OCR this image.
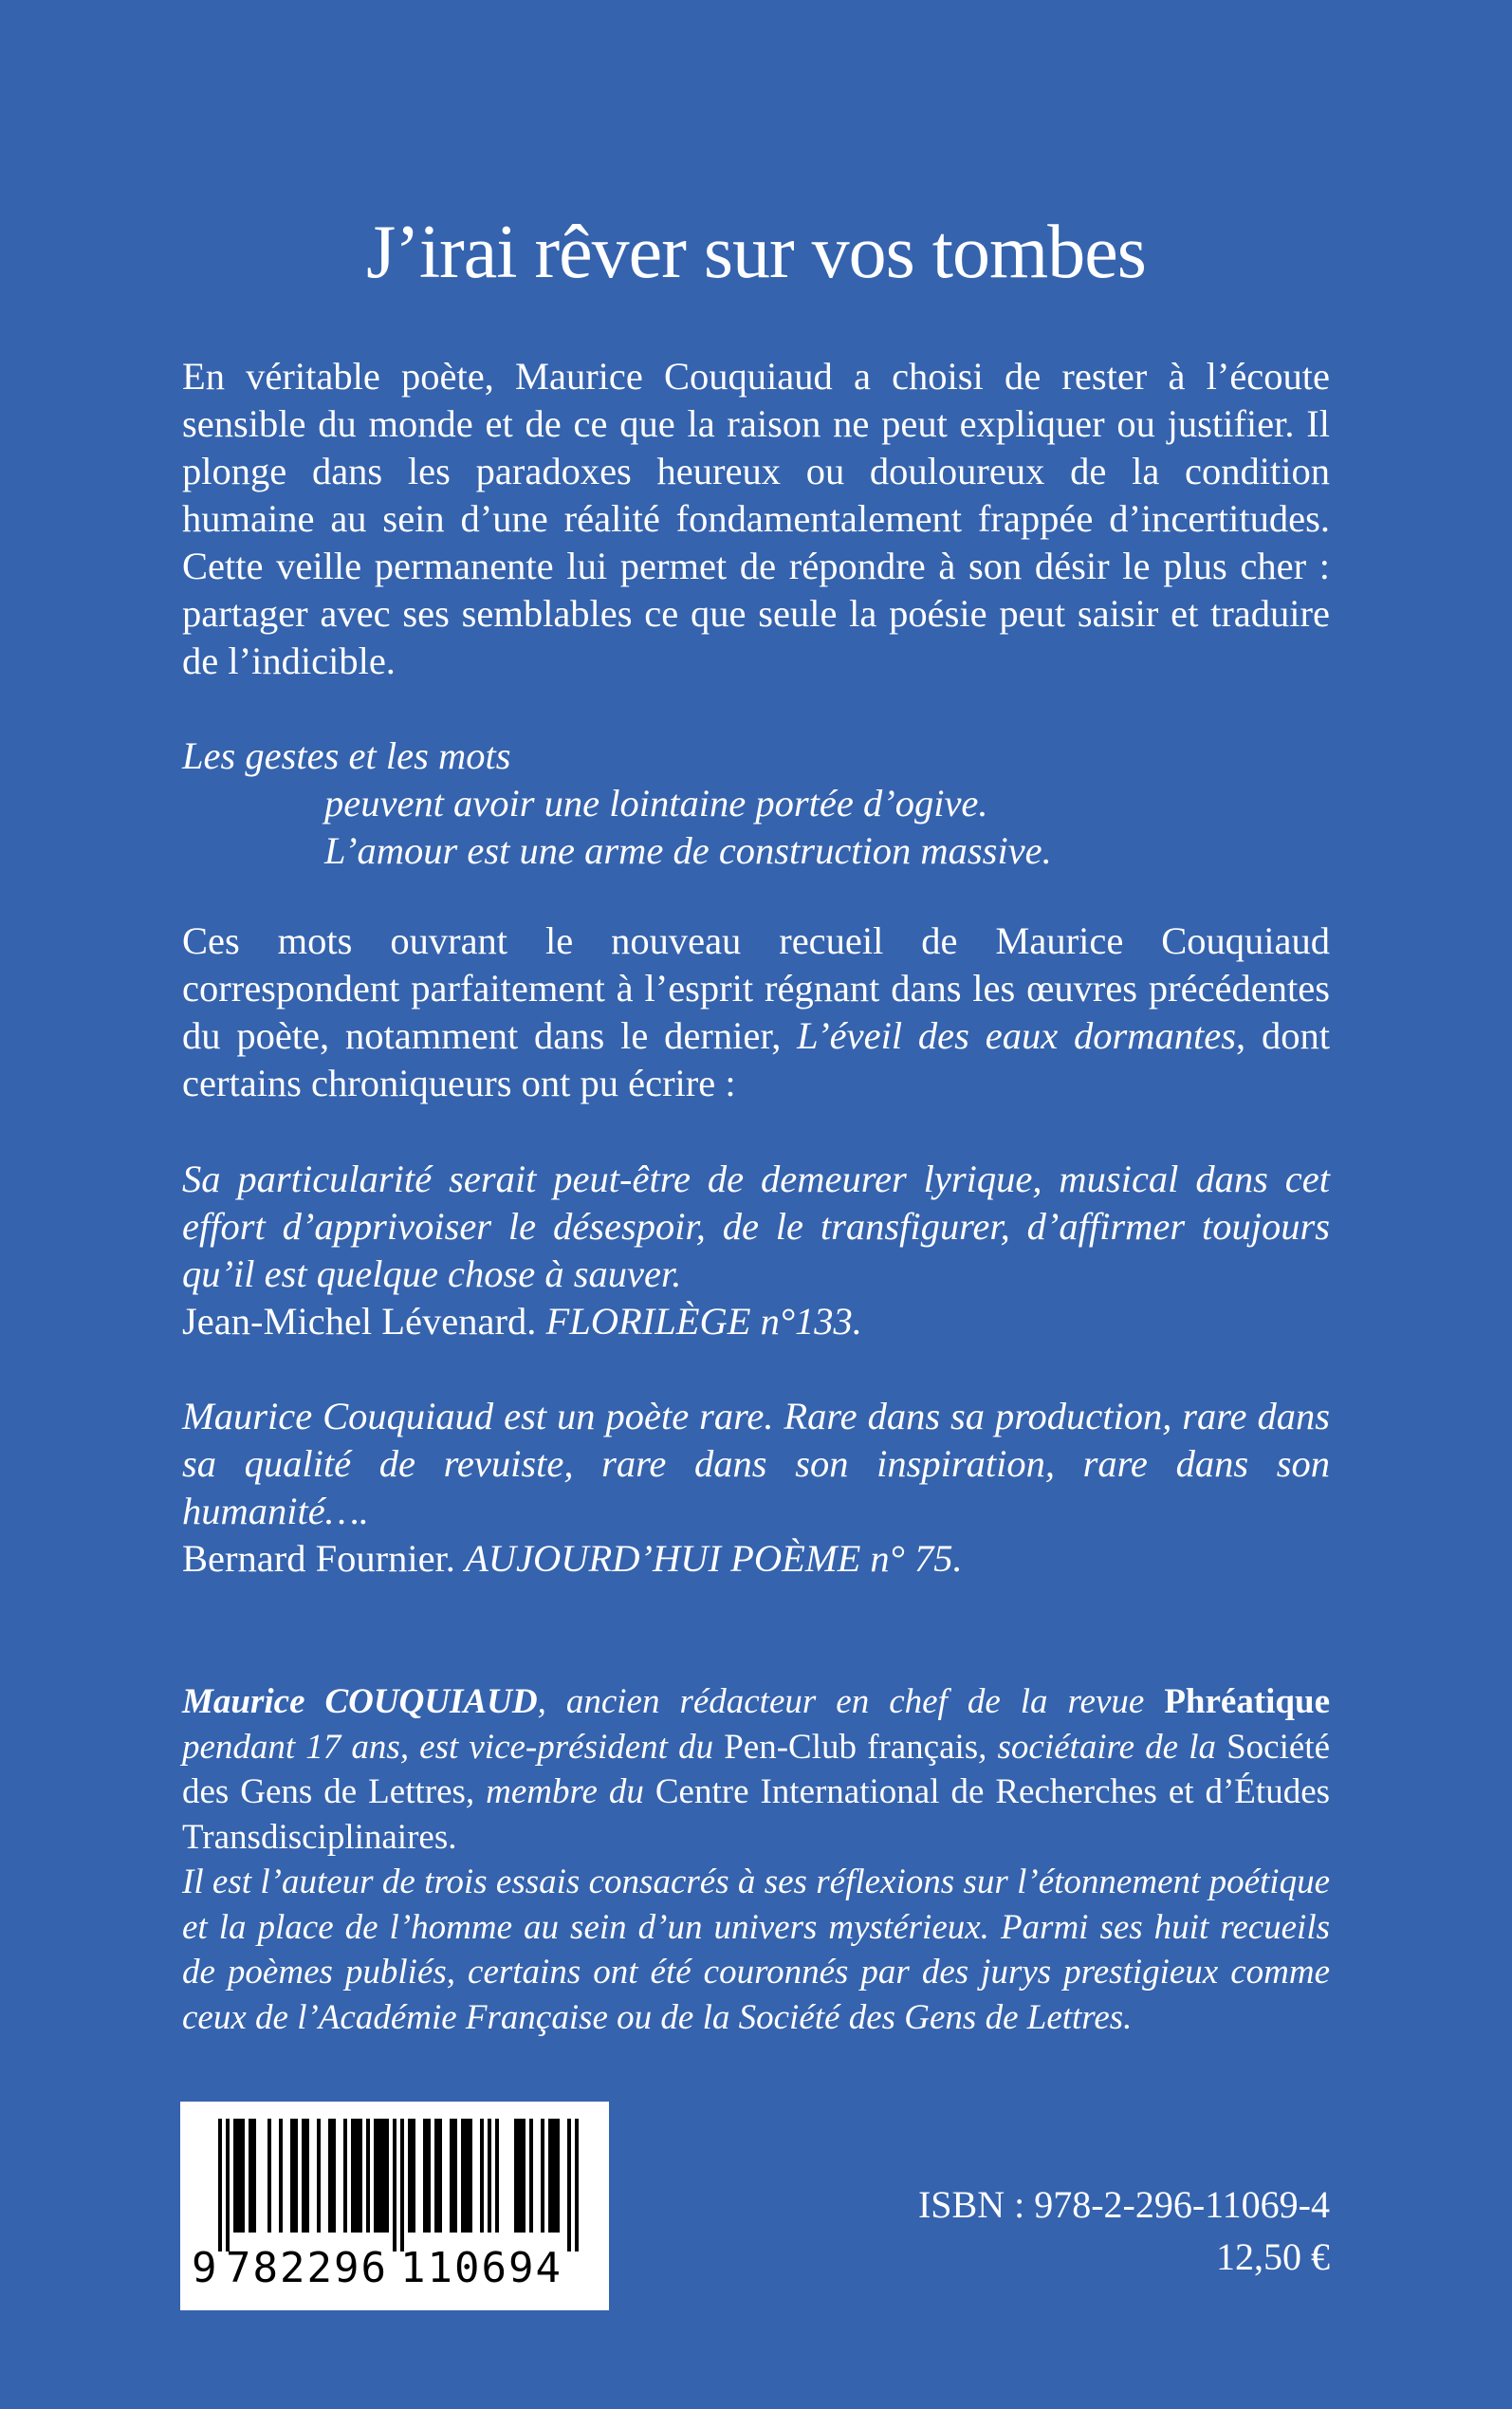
J’irai rêver sur vos tombes

En véritable poète, Maurice Couquiaud a choisi de rester à l’écoute sensible du monde et de ce que la raison ne peut expliquer ou justifier. Il plonge dans les paradoxes heureux ou douloureux de la condition humaine au sein d’une réalité fondamentalement frappée d’incertitudes. Cette veille permanente lui permet de répondre à son désir le plus cher : partager avec ses semblables ce que seule la poésie peut saisir et traduire de l’indicible.

Les gestes et les mots
peuvent avoir une lointaine portée d’ogive.
L’amour est une arme de construction massive.

Ces mots ouvrant le nouveau recueil de Maurice Couquiaud correspondent parfaitement à l’esprit régnant dans les œuvres précédentes du poète, notamment dans le dernier, L’éveil des eaux dormantes, dont certains chroniqueurs ont pu écrire :

Sa particularité serait peut-être de demeurer lyrique, musical dans cet effort d’apprivoiser le désespoir, de le transfigurer, d’affirmer toujours qu’il est quelque chose à sauver.

Jean-Michel Lévenard. FLORILÈGE n°133.

Maurice Couquiaud est un poète rare. Rare dans sa production, rare dans sa qualité de revuiste, rare dans son inspiration, rare dans son humanité….

Bernard Fournier. AUJOURD’HUI POÈME n° 75.

Maurice COUQUIAUD, ancien rédacteur en chef de la revue Phréatique pendant 17 ans, est vice-président du Pen-Club français, sociétaire de la Société des Gens de Lettres, membre du Centre International de Recherches et d’Études Transdisciplinaires.

Il est l’auteur de trois essais consacrés à ses réflexions sur l’étonnement poétique et la place de l’homme au sein d’un univers mystérieux. Parmi ses huit recueils de poèmes publiés, certains ont été couronnés par des jurys prestigieux comme ceux de l’Académie Française ou de la Société des Gens de Lettres.

9 782296 110694
ISBN : 978-2-296-11069-4
12,50 €
